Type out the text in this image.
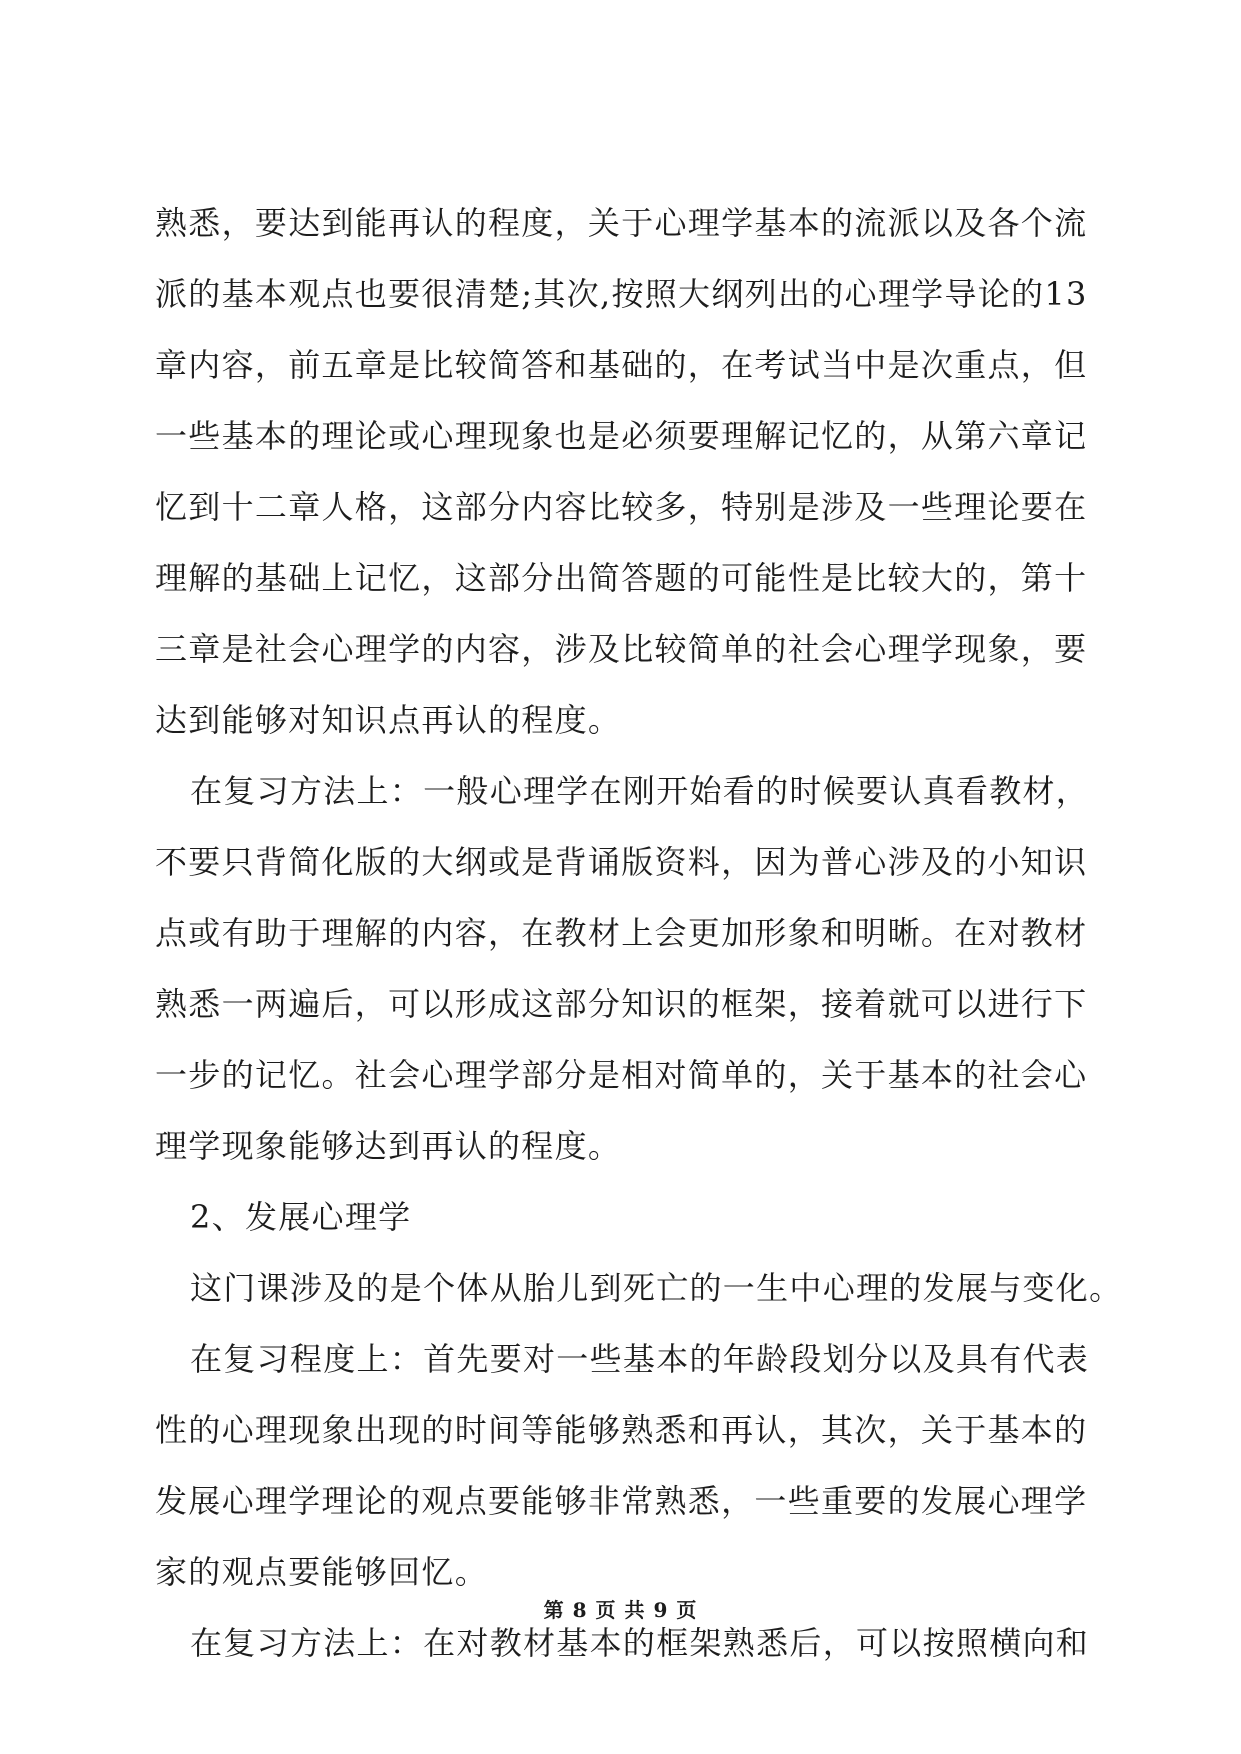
熟悉，要达到能再认的程度，关于心理学基本的流派以及各个流
派的基本观点也要很清楚;其次,按照大纲列出的心理学导论的13
章内容，前五章是比较简答和基础的，在考试当中是次重点，但
一些基本的理论或心理现象也是必须要理解记忆的，从第六章记
忆到十二章人格，这部分内容比较多，特别是涉及一些理论要在
理解的基础上记忆，这部分出简答题的可能性是比较大的，第十
三章是社会心理学的内容，涉及比较简单的社会心理学现象，要
达到能够对知识点再认的程度。
在复习方法上：一般心理学在刚开始看的时候要认真看教材，
不要只背简化版的大纲或是背诵版资料，因为普心涉及的小知识
点或有助于理解的内容，在教材上会更加形象和明晰。在对教材
熟悉一两遍后，可以形成这部分知识的框架，接着就可以进行下
一步的记忆。社会心理学部分是相对简单的，关于基本的社会心
理学现象能够达到再认的程度。
2、发展心理学
这门课涉及的是个体从胎儿到死亡的一生中心理的发展与变化。
在复习程度上：首先要对一些基本的年龄段划分以及具有代表
性的心理现象出现的时间等能够熟悉和再认，其次，关于基本的
发展心理学理论的观点要能够非常熟悉，一些重要的发展心理学
家的观点要能够回忆。
在复习方法上：在对教材基本的框架熟悉后，可以按照横向和
第 8 页 共 9 页
